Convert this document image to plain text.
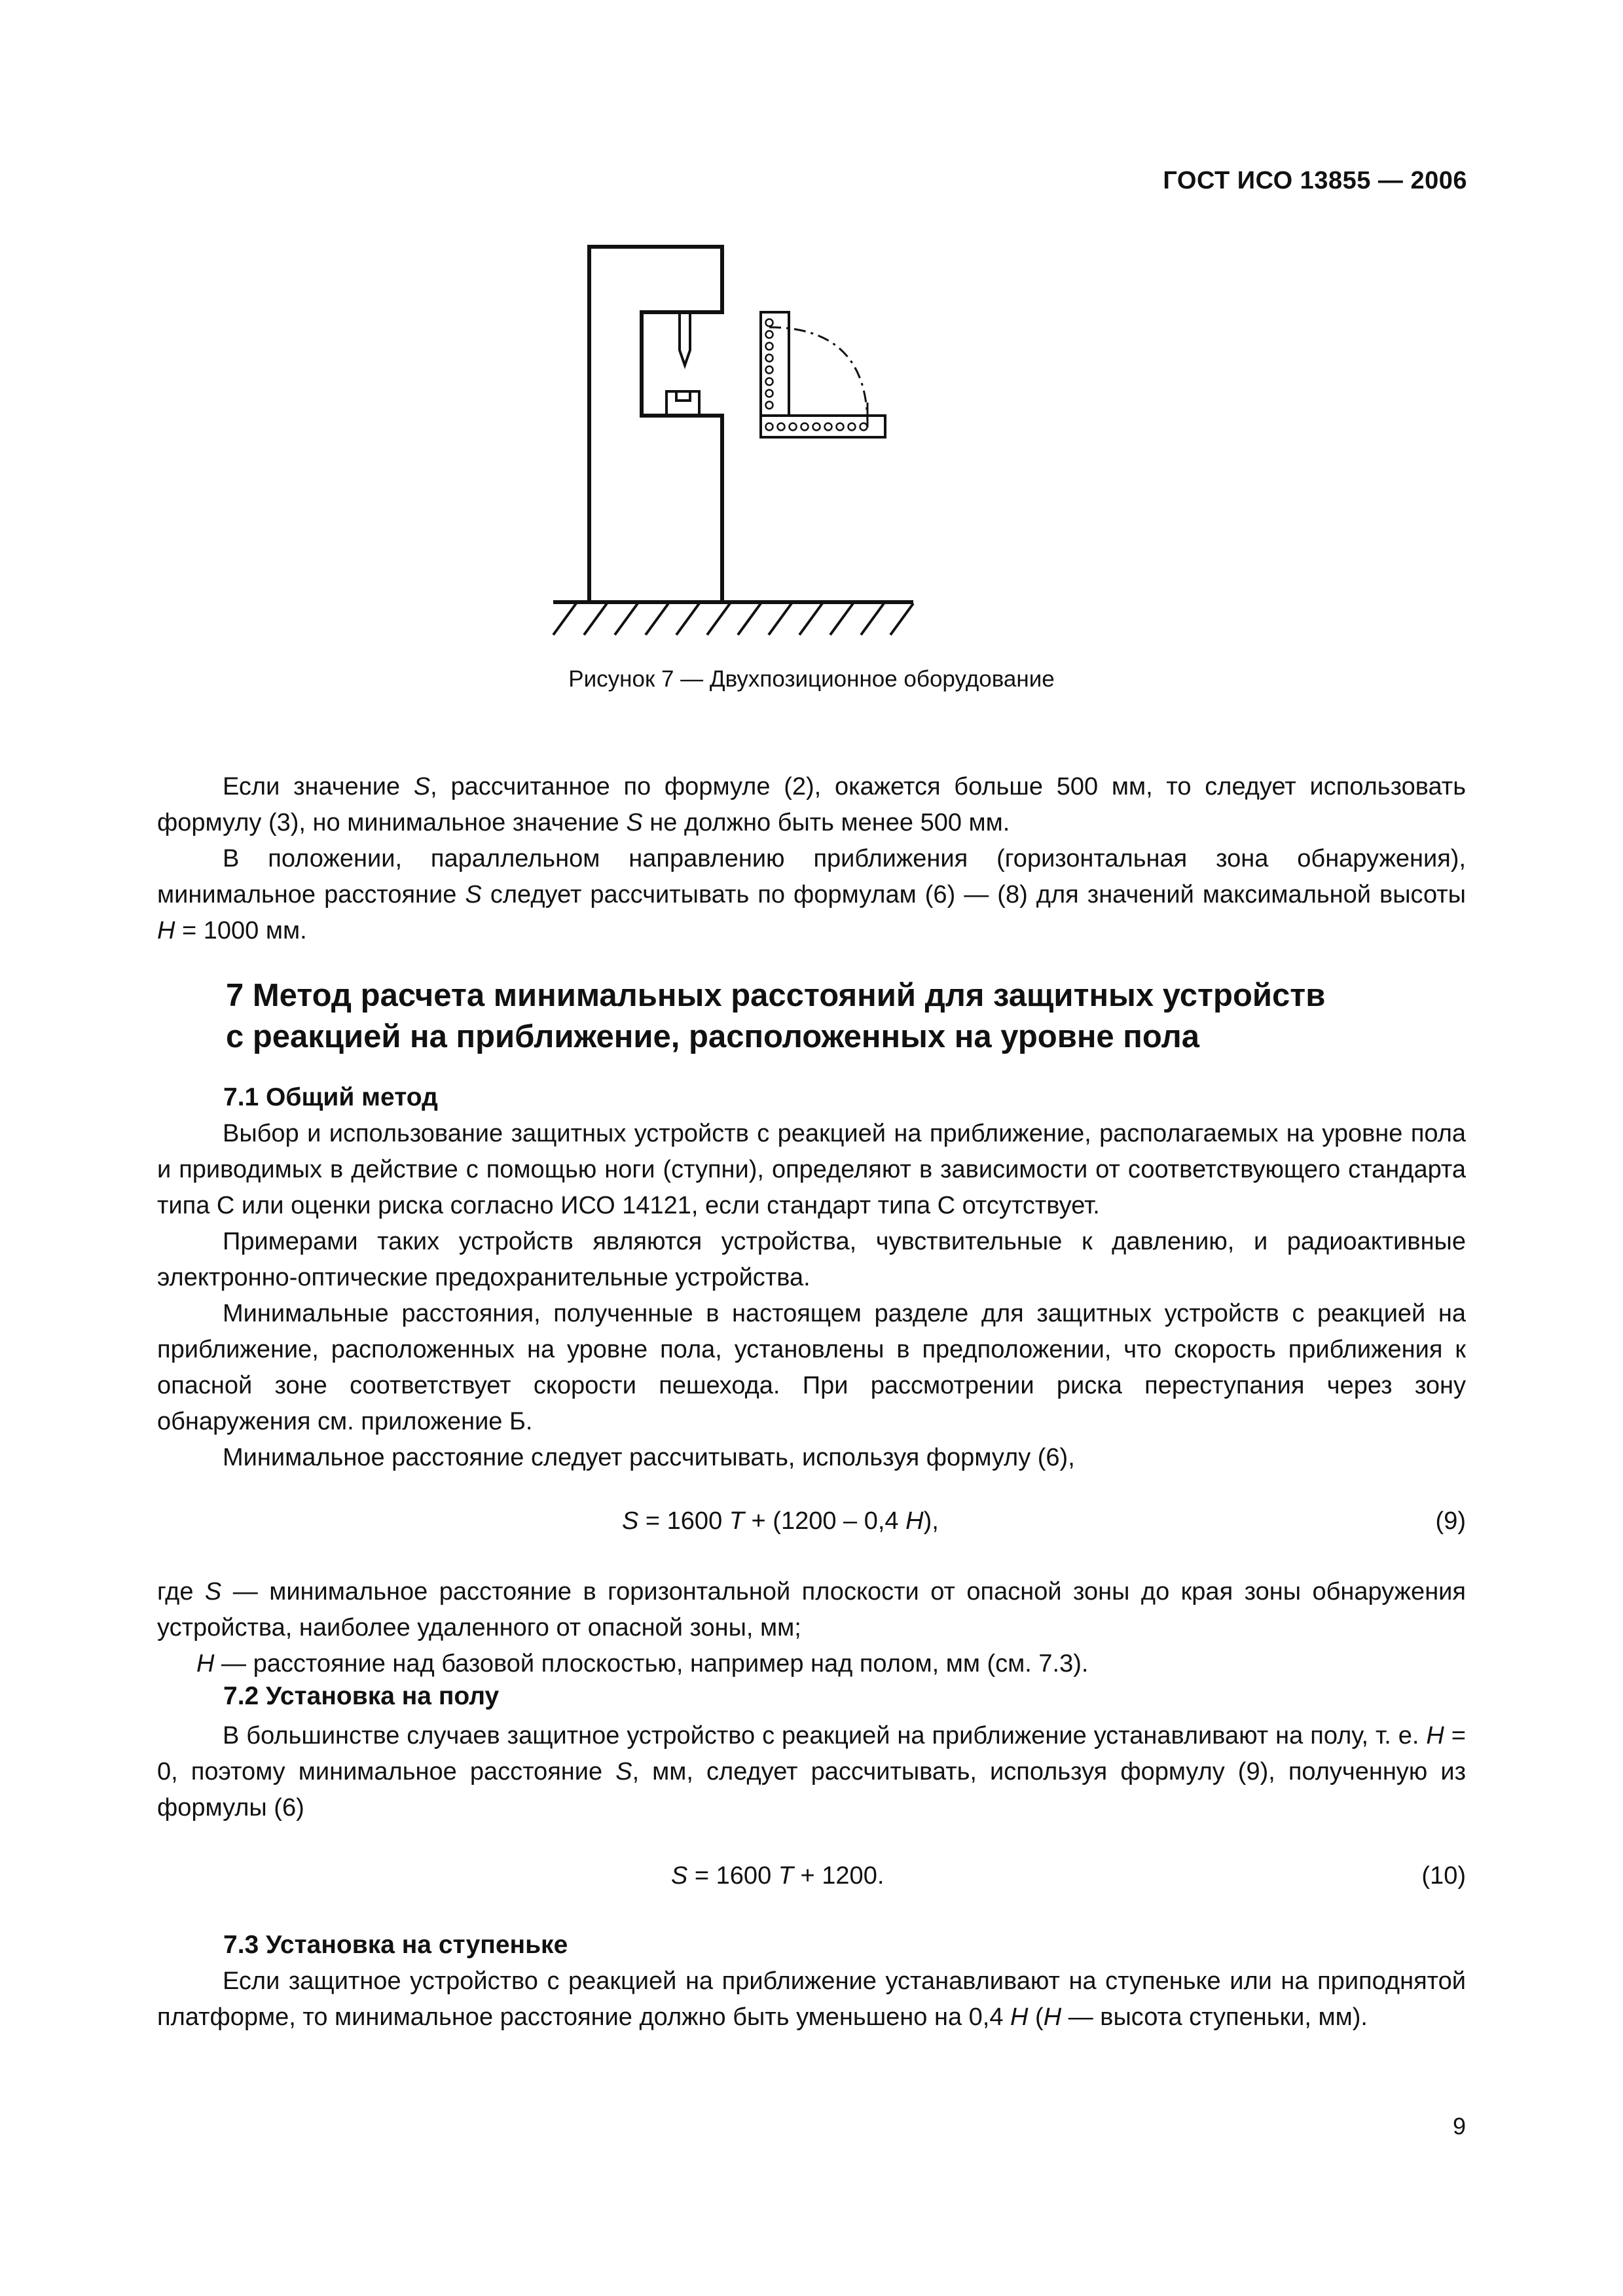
ГОСТ ИСО 13855 — 2006
Рисунок 7 — Двухпозиционное оборудование
Если значение S, рассчитанное по формуле (2), окажется больше 500 мм, то следует использовать формулу (3), но минимальное значение S не должно быть менее 500 мм.
В положении, параллельном направлению приближения (горизонтальная зона обнаружения), минимальное расстояние S следует рассчитывать по формулам (6) — (8) для значений максимальной высоты H = 1000 мм.
7 Метод расчета минимальных расстояний для защитных устройств
с реакцией на приближение, расположенных на уровне пола
7.1 Общий метод
Выбор и использование защитных устройств с реакцией на приближение, располагаемых на уровне пола и приводимых в действие с помощью ноги (ступни), определяют в зависимости от соответствующего стандарта типа С или оценки риска согласно ИСО 14121, если стандарт типа С отсутствует.
Примерами таких устройств являются устройства, чувствительные к давлению, и радиоактивные электронно-оптические предохранительные устройства.
Минимальные расстояния, полученные в настоящем разделе для защитных устройств с реакцией на приближение, расположенных на уровне пола, установлены в предположении, что скорость приближения к опасной зоне соответствует скорости пешехода. При рассмотрении риска переступания через зону обнаружения см. приложение Б.
Минимальное расстояние следует рассчитывать, используя формулу (6),
S = 1600 T + (1200 – 0,4 H),	(9)
где S — минимальное расстояние в горизонтальной плоскости от опасной зоны до края зоны обнаружения устройства, наиболее удаленного от опасной зоны, мм;
H — расстояние над базовой плоскостью, например над полом, мм (см. 7.3).
7.2 Установка на полу
В большинстве случаев защитное устройство с реакцией на приближение устанавливают на полу, т. е. H = 0, поэтому минимальное расстояние S, мм, следует рассчитывать, используя формулу (9), полученную из формулы (6)
S = 1600 T + 1200.	(10)
7.3 Установка на ступеньке
Если защитное устройство с реакцией на приближение устанавливают на ступеньке или на приподнятой платформе, то минимальное расстояние должно быть уменьшено на 0,4 H (H — высота ступеньки, мм).
9
